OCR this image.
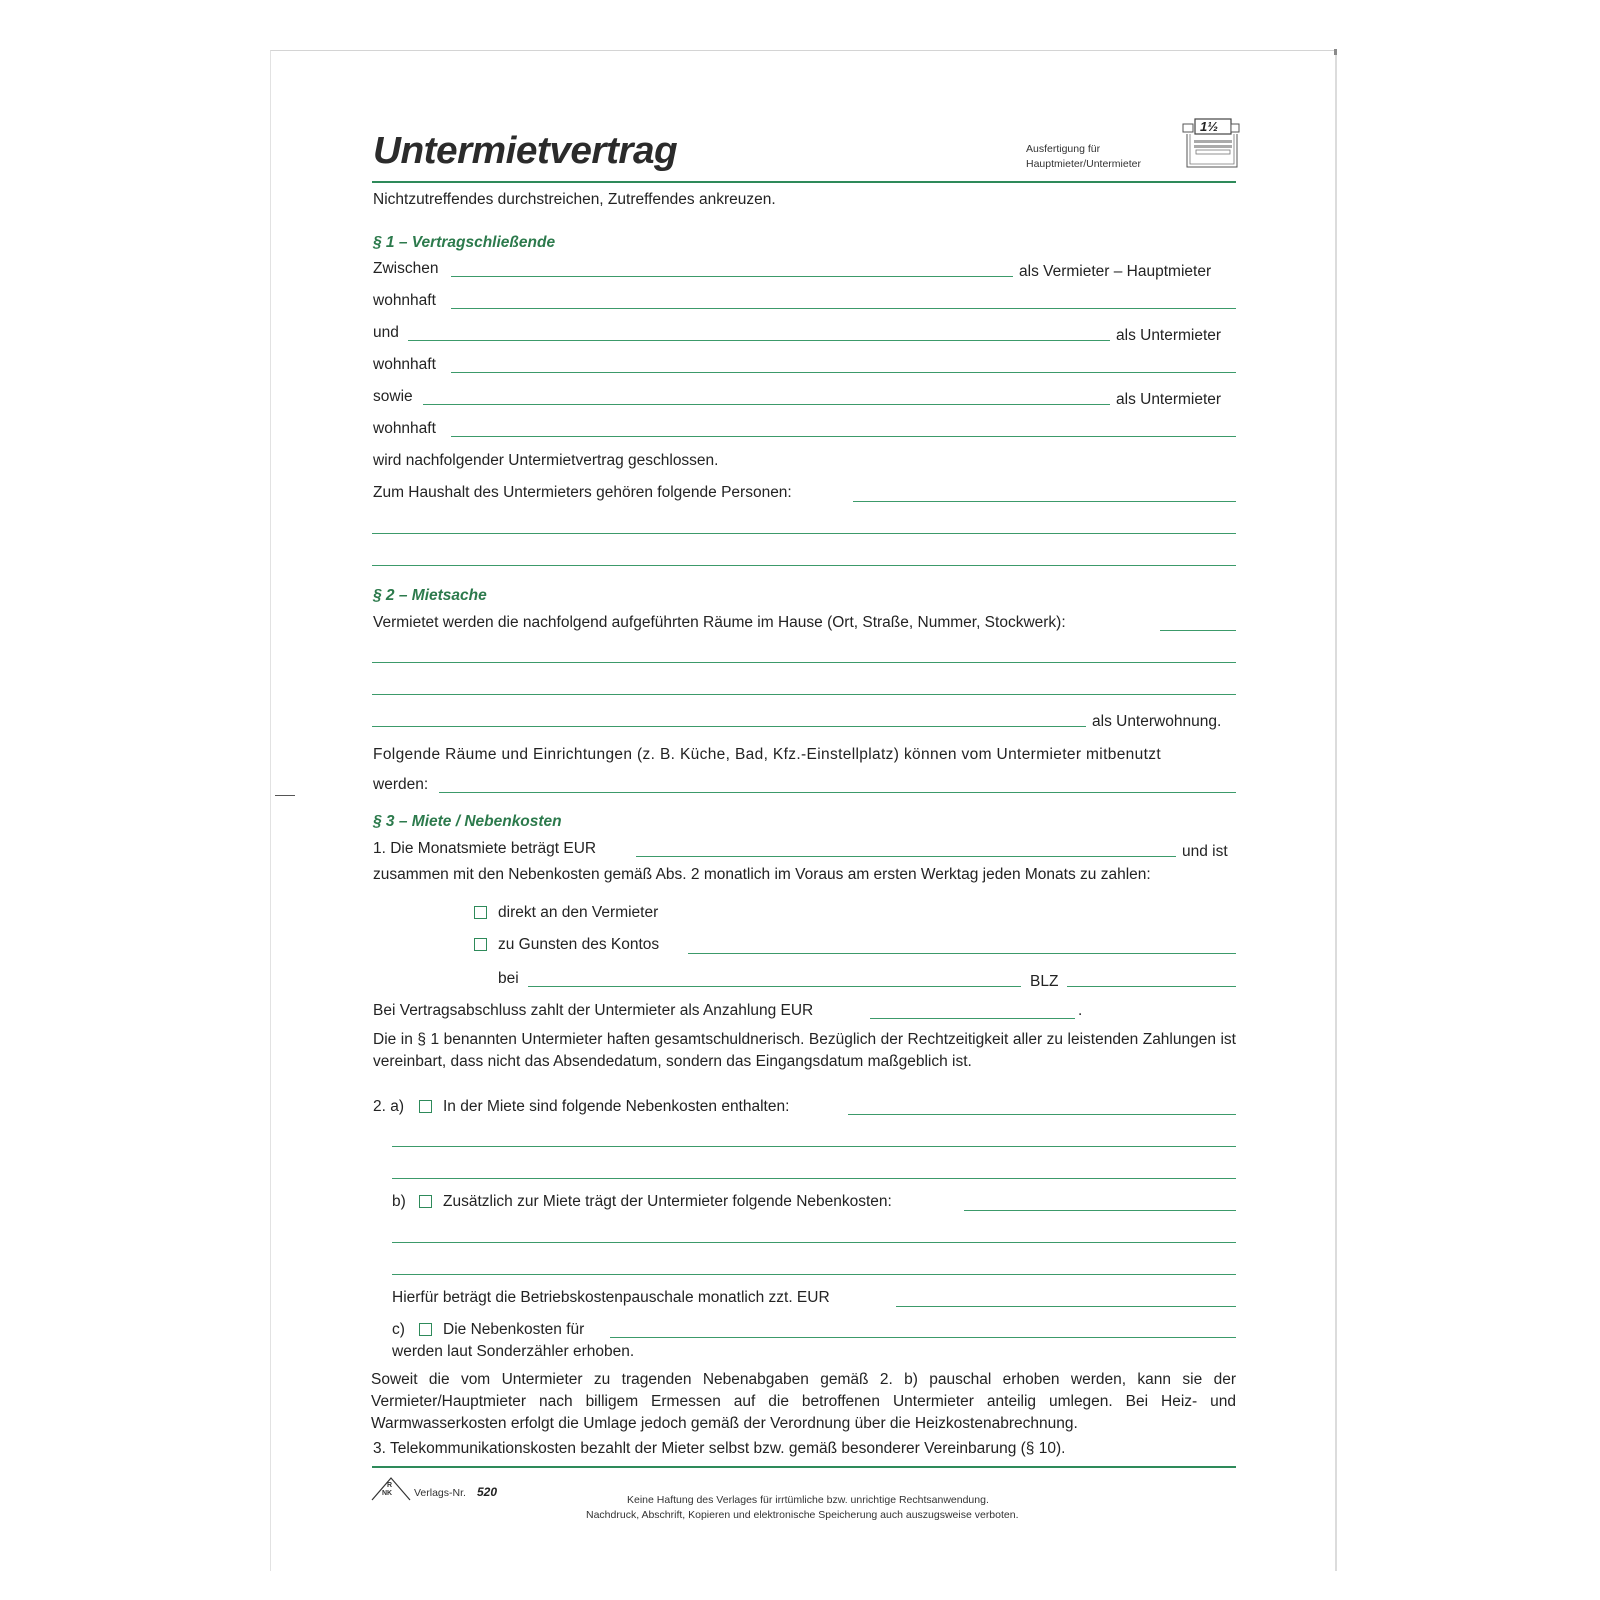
Untermietvertrag	Ausfertigung für
Hauptmieter/Untermieter
1½
Nichtzutreffendes durchstreichen, Zutreffendes ankreuzen.
§ 1 – Vertragschließende
Zwischen	als Vermieter – Hauptmieter
wohnhaft
und	als Untermieter
wohnhaft
sowie	als Untermieter
wohnhaft
wird nachfolgender Untermietvertrag geschlossen.
Zum Haushalt des Untermieters gehören folgende Personen:
§ 2 – Mietsache
Vermietet werden die nachfolgend aufgeführten Räume im Hause (Ort, Straße, Nummer, Stockwerk):
als Unterwohnung.
Folgende Räume und Einrichtungen (z. B. Küche, Bad, Kfz.-Einstellplatz) können vom Untermieter mitbenutzt
werden:
§ 3 – Miete / Nebenkosten
1. Die Monatsmiete beträgt EUR	und ist
zusammen mit den Nebenkosten gemäß Abs. 2 monatlich im Voraus am ersten Werktag jeden Monats zu zahlen:
direkt an den Vermieter
zu Gunsten des Kontos
bei	BLZ
Bei Vertragsabschluss zahlt der Untermieter als Anzahlung EUR	.
Die in § 1 benannten Untermieter haften gesamtschuldnerisch. Bezüglich der Rechtzeitigkeit aller zu leistenden Zahlungen ist vereinbart, dass nicht das Absendedatum, sondern das Eingangsdatum maßgeblich ist.
2. a)	In der Miete sind folgende Nebenkosten enthalten:
b) Zusätzlich zur Miete trägt der Untermieter folgende Nebenkosten:
Hierfür beträgt die Betriebskostenpauschale monatlich zzt. EUR
c) Die Nebenkosten für
werden laut Sonderzähler erhoben.
Soweit die vom Untermieter zu tragenden Nebenabgaben gemäß 2. b) pauschal erhoben werden, kann sie der Vermieter/Hauptmieter nach billigem Ermessen auf die betroffenen Untermieter anteilig umlegen. Bei Heiz- und Warmwasserkosten erfolgt die Umlage jedoch gemäß der Verordnung über die Heizkostenabrechnung.
3. Telekommunikationskosten bezahlt der Mieter selbst bzw. gemäß besonderer Vereinbarung (§ 10).
R
NK Verlags-Nr. 520
Keine Haftung des Verlages für irrtümliche bzw. unrichtige Rechtsanwendung.
Nachdruck, Abschrift, Kopieren und elektronische Speicherung auch auszugsweise verboten.
